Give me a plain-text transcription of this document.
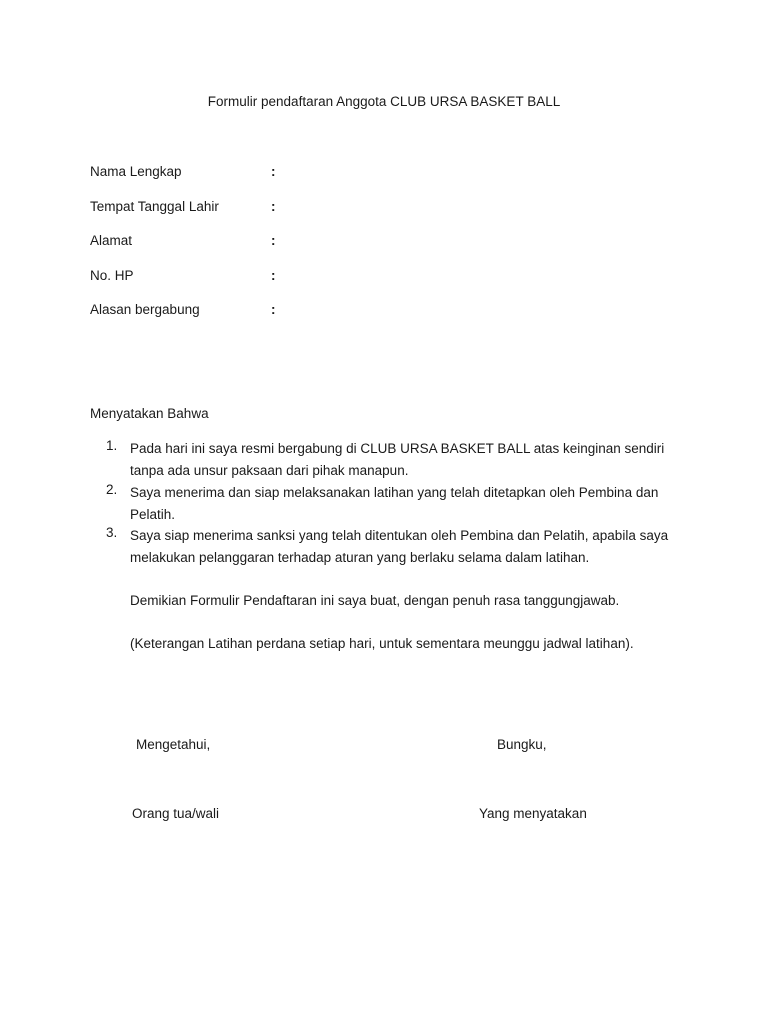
Formulir pendaftaran Anggota CLUB URSA BASKET BALL
Nama Lengkap	:
Tempat Tanggal Lahir	:
Alamat	:
No. HP	:
Alasan bergabung	:
Menyatakan Bahwa
1. Pada hari ini saya resmi bergabung di CLUB URSA BASKET BALL atas keinginan sendiri tanpa ada unsur paksaan dari pihak manapun.
2. Saya menerima dan siap melaksanakan latihan yang telah ditetapkan oleh Pembina dan Pelatih.
3. Saya siap menerima sanksi yang telah ditentukan oleh Pembina dan Pelatih, apabila saya melakukan pelanggaran terhadap aturan yang berlaku selama dalam latihan.
Demikian Formulir Pendaftaran ini saya buat, dengan penuh rasa tanggungjawab.
(Keterangan Latihan perdana setiap hari, untuk sementara meunggu jadwal latihan).
Mengetahui,	Bungku,
Orang tua/wali	Yang menyatakan
